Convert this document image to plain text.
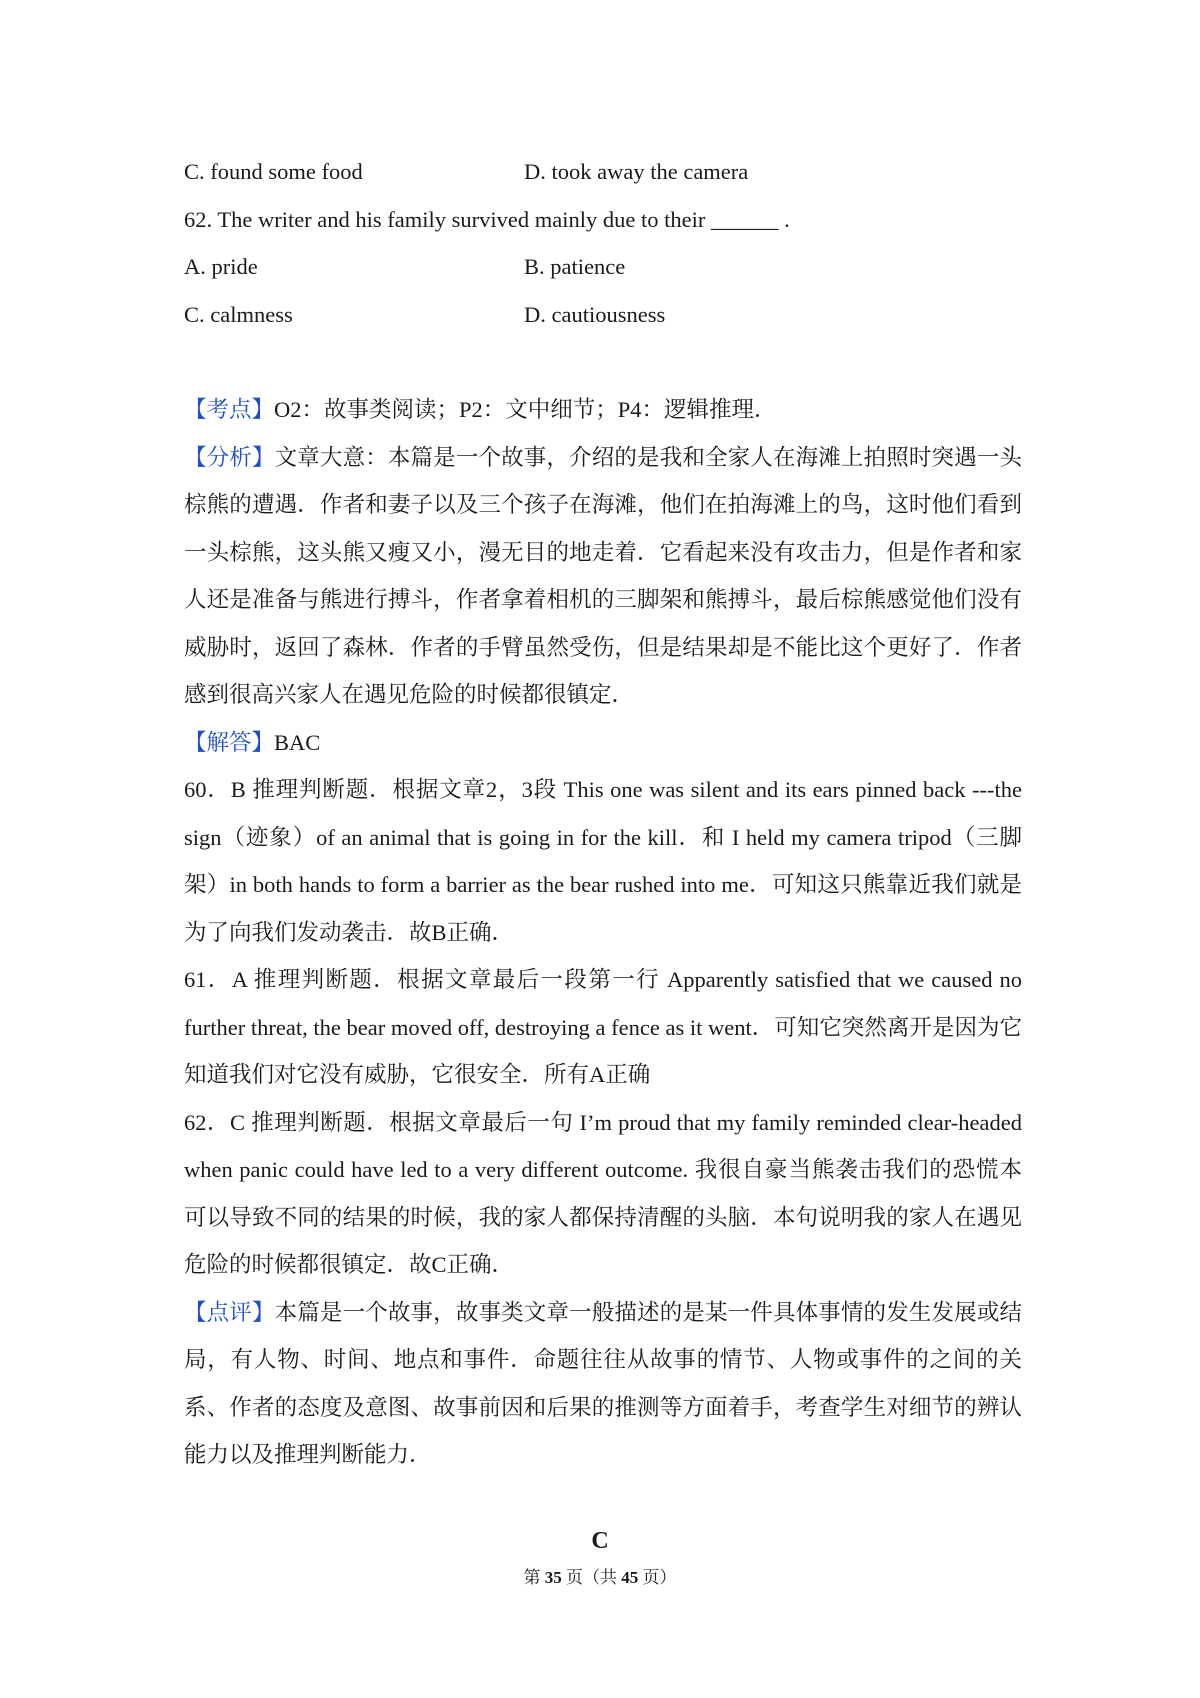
C. found some food	D. took away the camera
62. The writer and his family survived mainly due to their ______ .
A. pride	B. patience
C. calmness	D. cautiousness
【考点】O2：故事类阅读；P2：文中细节；P4：逻辑推理．
【分析】文章大意：本篇是一个故事，介绍的是我和全家人在海滩上拍照时突遇一头棕熊的遭遇．作者和妻子以及三个孩子在海滩，他们在拍海滩上的鸟，这时他们看到一头棕熊，这头熊又瘦又小，漫无目的地走着．它看起来没有攻击力，但是作者和家人还是准备与熊进行搏斗，作者拿着相机的三脚架和熊搏斗，最后棕熊感觉他们没有威胁时，返回了森林．作者的手臂虽然受伤，但是结果却是不能比这个更好了．作者感到很高兴家人在遇见危险的时候都很镇定．
【解答】BAC
60．B 推理判断题．根据文章2，3段 This one was silent and its ears pinned back ---the sign（迹象）of an animal that is going in for the kill．和 I held my camera tripod（三脚架）in both hands to form a barrier as the bear rushed into me．可知这只熊靠近我们就是为了向我们发动袭击．故B正确．
61．A 推理判断题．根据文章最后一段第一行 Apparently satisfied that we caused no further threat, the bear moved off, destroying a fence as it went．可知它突然离开是因为它知道我们对它没有威胁，它很安全．所有A正确
62．C 推理判断题．根据文章最后一句 I’m proud that my family reminded clear-headed when panic could have led to a very different outcome. 我很自豪当熊袭击我们的恐慌本可以导致不同的结果的时候，我的家人都保持清醒的头脑．本句说明我的家人在遇见危险的时候都很镇定．故C正确．
【点评】本篇是一个故事，故事类文章一般描述的是某一件具体事情的发生发展或结局，有人物、时间、地点和事件．命题往往从故事的情节、人物或事件的之间的关系、作者的态度及意图、故事前因和后果的推测等方面着手，考查学生对细节的辨认能力以及推理判断能力．
C
第 35 页（共 45 页）
